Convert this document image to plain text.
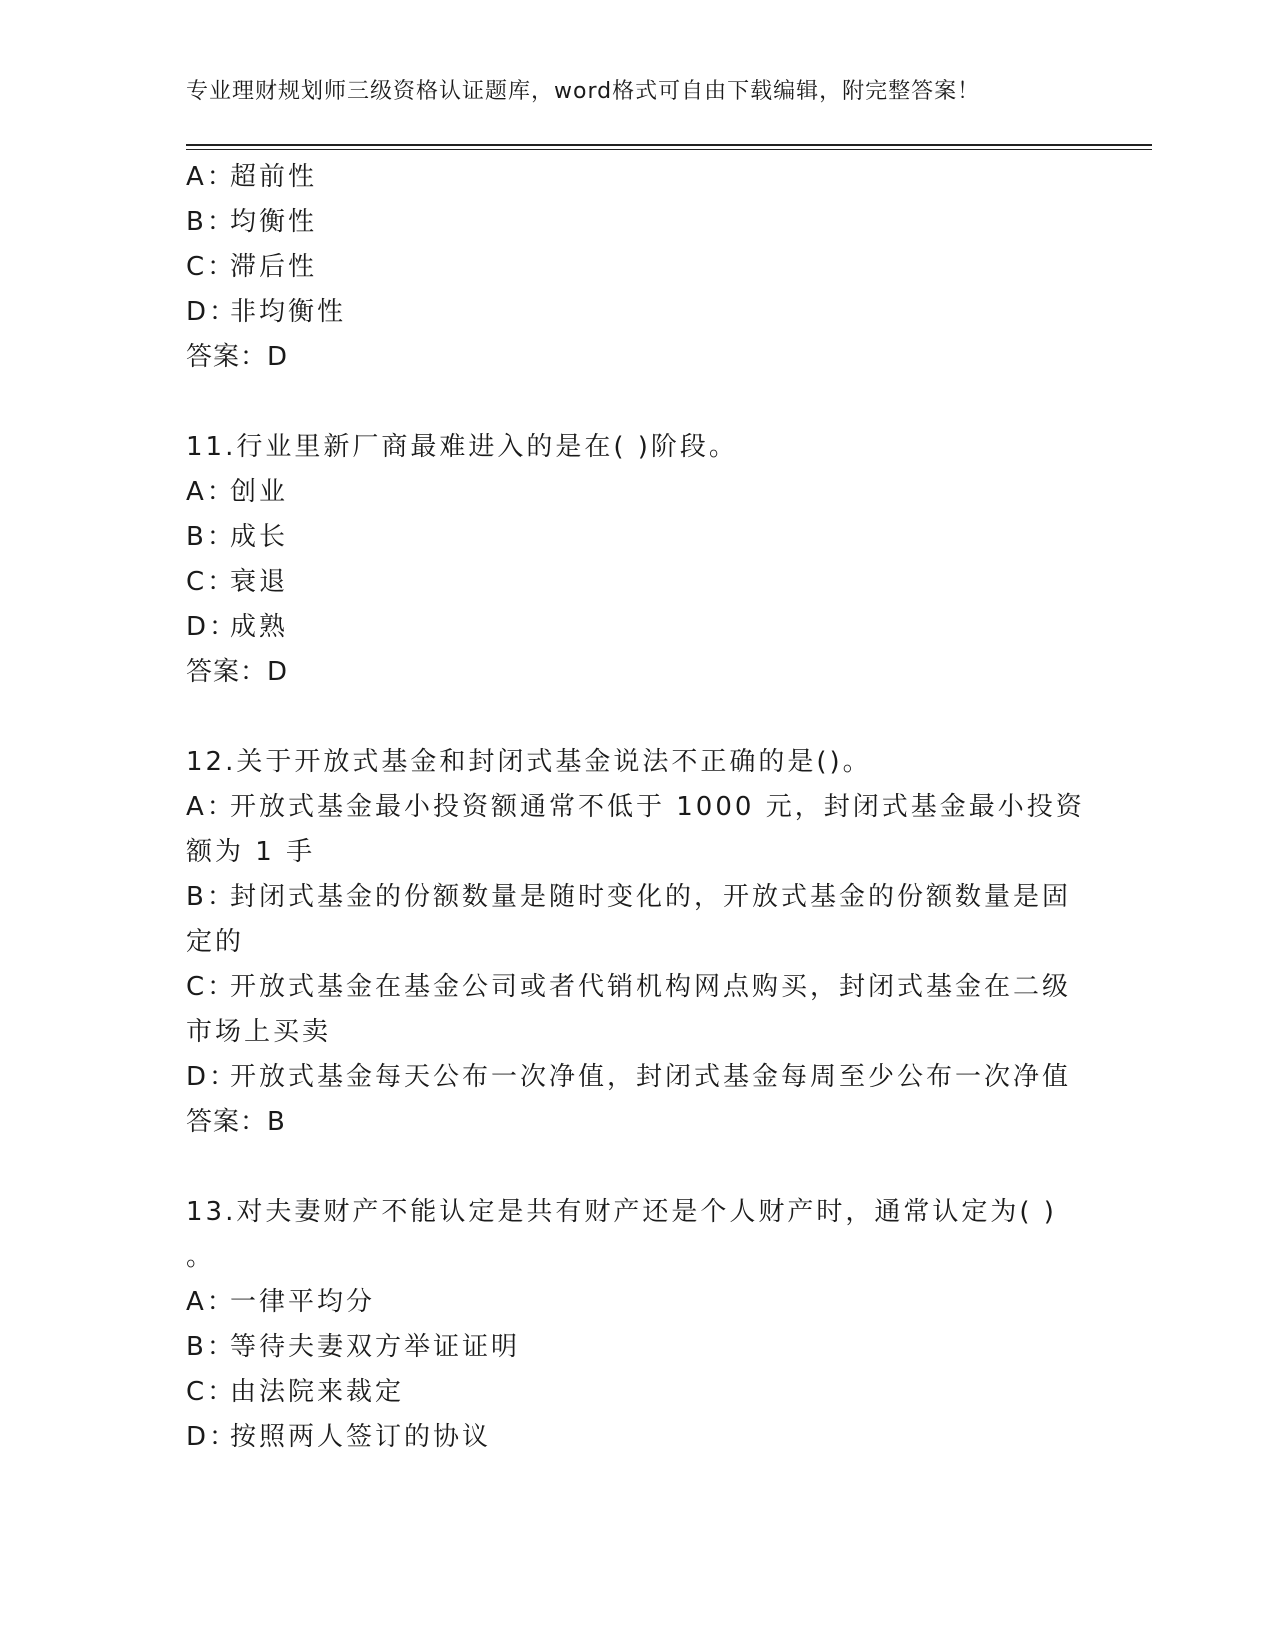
专业理财规划师三级资格认证题库，word格式可自由下载编辑，附完整答案！
A：超前性
B：均衡性
C：滞后性
D：非均衡性
答案：D
11.行业里新厂商最难进入的是在( )阶段。
A：创业
B：成长
C：衰退
D：成熟
答案：D
12.关于开放式基金和封闭式基金说法不正确的是()。
A：开放式基金最小投资额通常不低于 1000 元，封闭式基金最小投资
额为 1 手
B：封闭式基金的份额数量是随时变化的，开放式基金的份额数量是固
定的
C：开放式基金在基金公司或者代销机构网点购买，封闭式基金在二级
市场上买卖
D：开放式基金每天公布一次净值，封闭式基金每周至少公布一次净值
答案：B
13.对夫妻财产不能认定是共有财产还是个人财产时，通常认定为( )
。
A：一律平均分
B：等待夫妻双方举证证明
C：由法院来裁定
D：按照两人签订的协议
